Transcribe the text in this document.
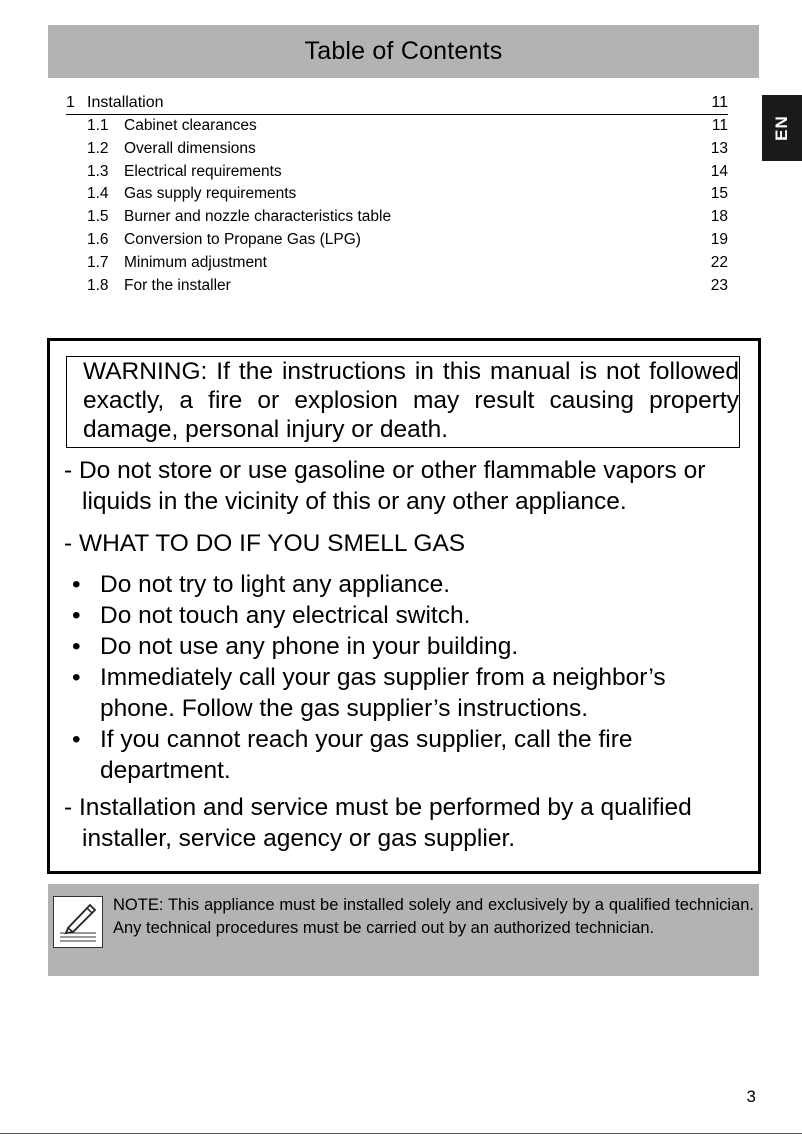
Table of Contents
EN
1 Installation	11
1.1 Cabinet clearances	11
1.2 Overall dimensions	13
1.3 Electrical requirements	14
1.4 Gas supply requirements	15
1.5 Burner and nozzle characteristics table	18
1.6 Conversion to Propane Gas (LPG)	19
1.7 Minimum adjustment	22
1.8 For the installer	23

WARNING: If the instructions in this manual is not followed exactly, a fire or explosion may result causing property damage, personal injury or death.

- Do not store or use gasoline or other flammable vapors or

liquids in the vicinity of this or any other appliance.

- WHAT TO DO IF YOU SMELL GAS

• Do not try to light any appliance.
• Do not touch any electrical switch.
• Do not use any phone in your building.
• Immediately call your gas supplier from a neighbor’s phone. Follow the gas supplier’s instructions.
• If you cannot reach your gas supplier, call the fire department.

- Installation and service must be performed by a qualified

installer, service agency or gas supplier.

NOTE: This appliance must be installed solely and exclusively by a qualified technician. Any technical procedures must be carried out by an authorized technician.
3
